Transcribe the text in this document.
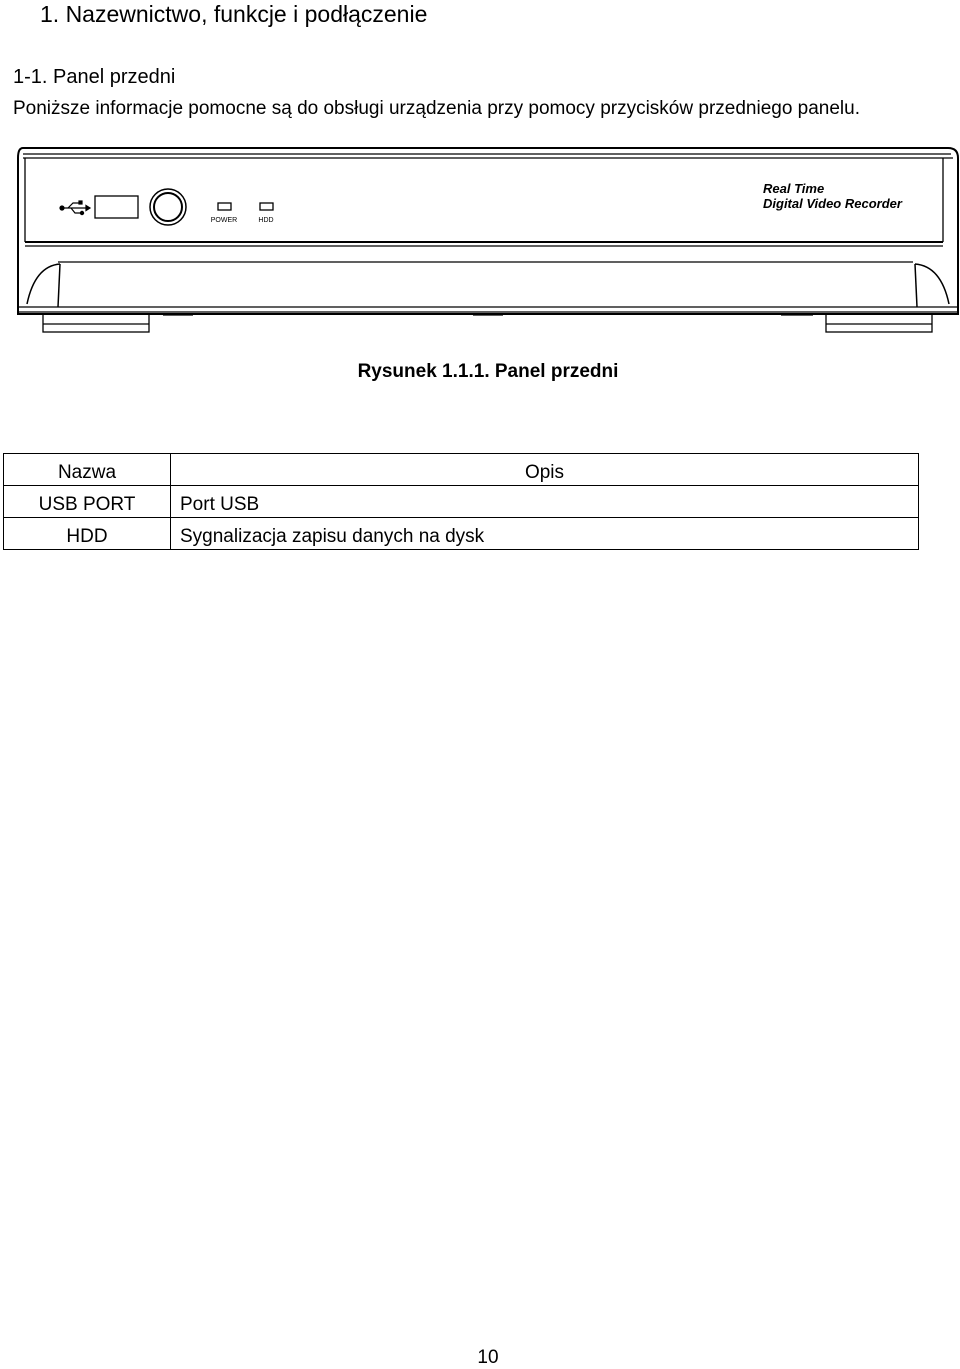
1. Nazewnictwo, funkcje i podłączenie
1-1. Panel przedni
Poniższe informacje pomocne są do obsługi urządzenia przy pomocy przycisków przedniego panelu.
POWER	HDD
Real Time
Digital Video Recorder
Rysunek 1.1.1. Panel przedni
Nazwa	Opis
USB PORT	Port USB
HDD	Sygnalizacja zapisu danych na dysk
10
